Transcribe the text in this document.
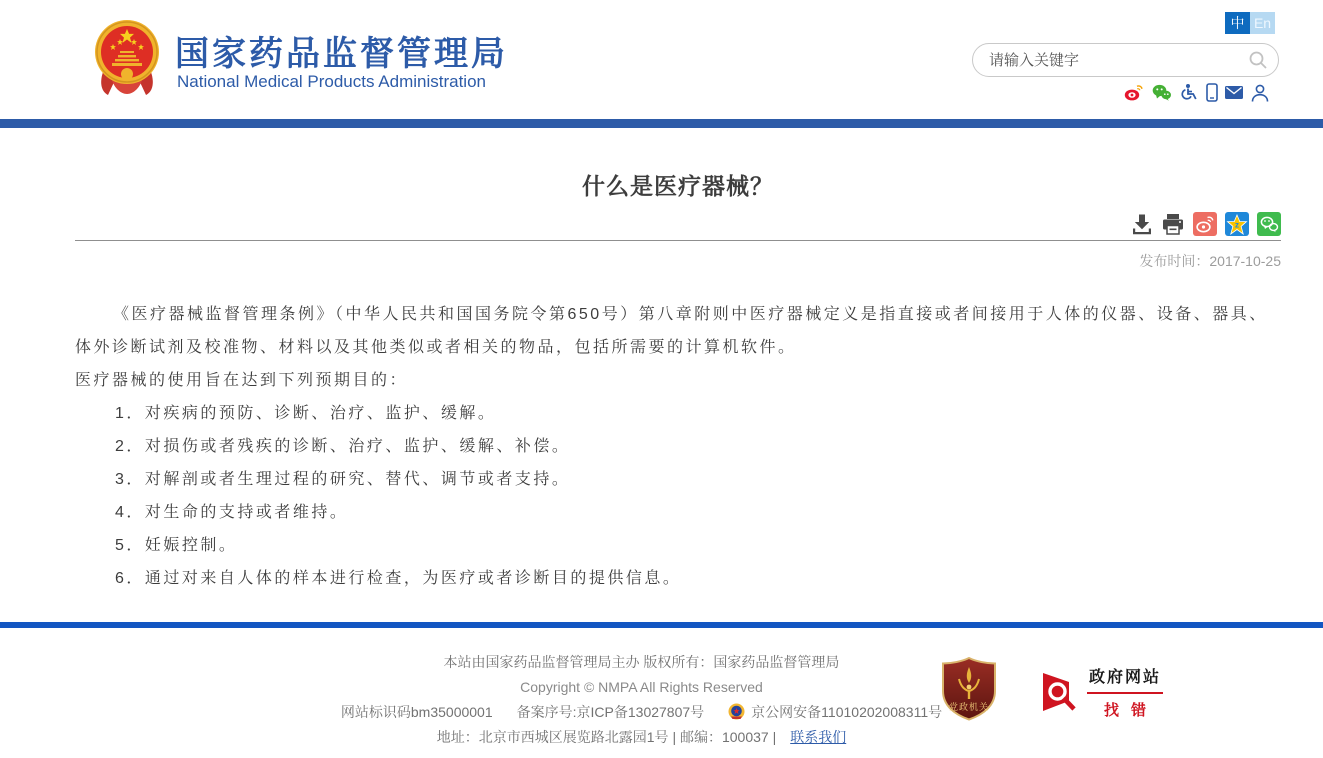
国家药品监督管理局
National Medical Products Administration
中 En
请输入关键字
什么是医疗器械？
z
发布时间：2017-10-25

《医疗器械监督管理条例》（中华人民共和国国务院令第650号）第八章附则中医疗器械定义是指直接或者间接用于人体的仪器、设备、器具、体外诊断试剂及校准物、材料以及其他类似或者相关的物品，包括所需要的计算机软件。

医疗器械的使用旨在达到下列预期目的：

1．对疾病的预防、诊断、治疗、监护、缓解。
2．对损伤或者残疾的诊断、治疗、监护、缓解、补偿。
3．对解剖或者生理过程的研究、替代、调节或者支持。
4．对生命的支持或者维持。
5．妊娠控制。
6．通过对来自人体的样本进行检查，为医疗或者诊断目的提供信息。
本站由国家药品监督管理局主办 版权所有：国家药品监督管理局
Copyright © NMPA All Rights Reserved
网站标识码bm35000001 备案序号:京ICP备13027807号	京公网安备11010202008311号
地址：北京市西城区展览路北露园1号 | 邮编：100037 | 联系我们
党政机关
政府网站
找错
